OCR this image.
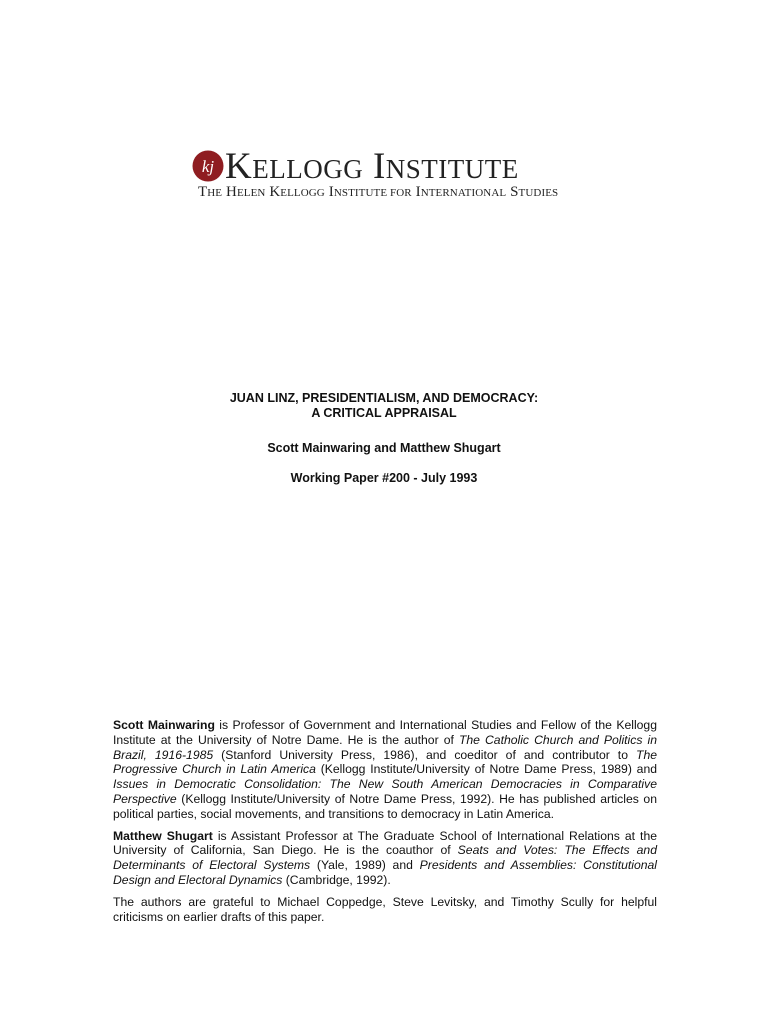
kj KELLOGG INSTITUTE
THE HELEN KELLOGG INSTITUTE FOR INTERNATIONAL STUDIES
JUAN LINZ, PRESIDENTIALISM, AND DEMOCRACY:
A CRITICAL APPRAISAL
Scott Mainwaring and Matthew Shugart
Working Paper #200 - July 1993

Scott Mainwaring is Professor of Government and International Studies and Fellow of the Kellogg Institute at the University of Notre Dame. He is the author of The Catholic Church and Politics in Brazil, 1916-1985 (Stanford University Press, 1986), and coeditor of and contributor to The Progressive Church in Latin America (Kellogg Institute/University of Notre Dame Press, 1989) and Issues in Democratic Consolidation: The New South American Democracies in Comparative Perspective (Kellogg Institute/University of Notre Dame Press, 1992). He has published articles on political parties, social movements, and transitions to democracy in Latin America.

Matthew Shugart is Assistant Professor at The Graduate School of International Relations at the University of California, San Diego. He is the coauthor of Seats and Votes: The Effects and Determinants of Electoral Systems (Yale, 1989) and Presidents and Assemblies: Constitutional Design and Electoral Dynamics (Cambridge, 1992).

The authors are grateful to Michael Coppedge, Steve Levitsky, and Timothy Scully for helpful criticisms on earlier drafts of this paper.
